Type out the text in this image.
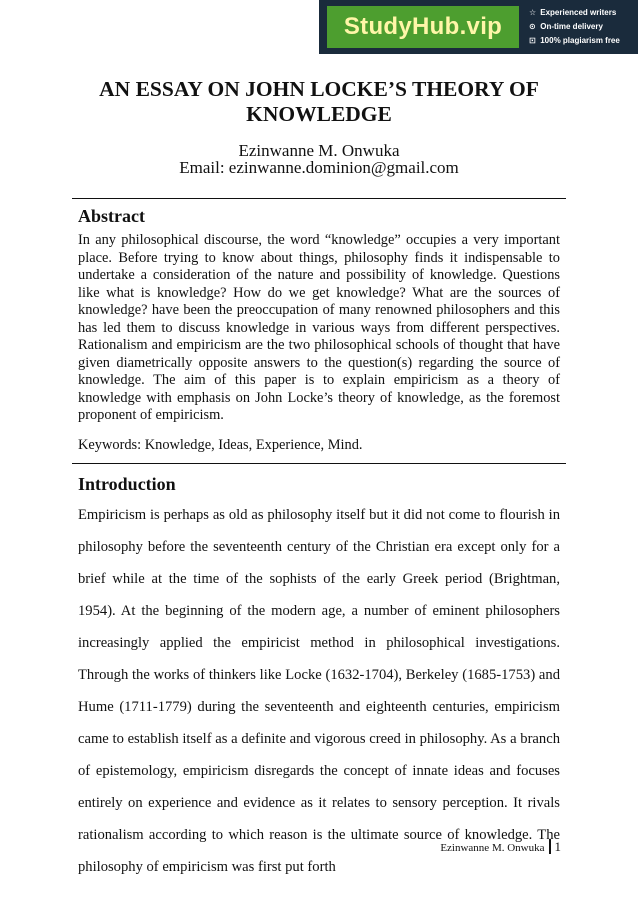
StudyHub.vip
☆ Experienced writers
⊙ On-time delivery
⊡ 100% plagiarism free
AN ESSAY ON JOHN LOCKE’S THEORY OF KNOWLEDGE
Ezinwanne M. Onwuka
Email: ezinwanne.dominion@gmail.com
Abstract

In any philosophical discourse, the word “knowledge” occupies a very important place. Before trying to know about things, philosophy finds it indispensable to undertake a consideration of the nature and possibility of knowledge. Questions like what is knowledge? How do we get knowledge? What are the sources of knowledge? have been the preoccupation of many renowned philosophers and this has led them to discuss knowledge in various ways from different perspectives. Rationalism and empiricism are the two philosophical schools of thought that have given diametrically opposite answers to the question(s) regarding the source of knowledge. The aim of this paper is to explain empiricism as a theory of knowledge with emphasis on John Locke’s theory of knowledge, as the foremost proponent of empiricism.

Keywords: Knowledge, Ideas, Experience, Mind.

Introduction

Empiricism is perhaps as old as philosophy itself but it did not come to flourish in philosophy before the seventeenth century of the Christian era except only for a brief while at the time of the sophists of the early Greek period (Brightman, 1954). At the beginning of the modern age, a number of eminent philosophers increasingly applied the empiricist method in philosophical investigations. Through the works of thinkers like Locke (1632-1704), Berkeley (1685-1753) and Hume (1711-1779) during the seventeenth and eighteenth centuries, empiricism came to establish itself as a definite and vigorous creed in philosophy. As a branch of epistemology, empiricism disregards the concept of innate ideas and focuses entirely on experience and evidence as it relates to sensory perception. It rivals rationalism according to which reason is the ultimate source of knowledge. The philosophy of empiricism was first put forth

Ezinwanne M. Onwuka 1
